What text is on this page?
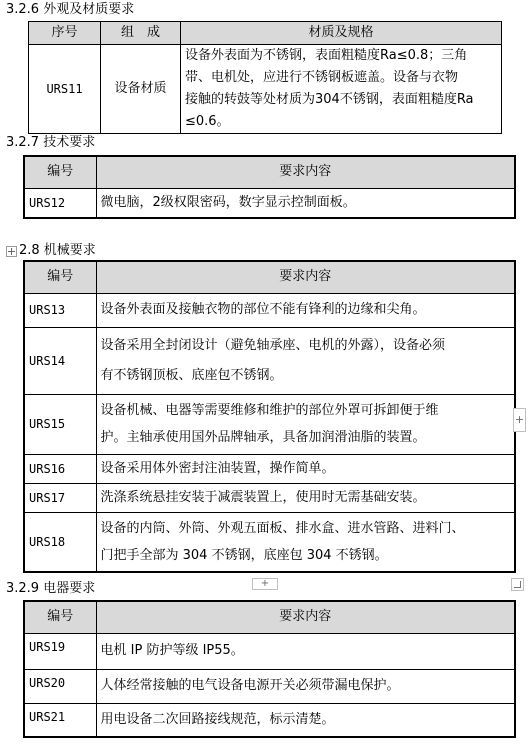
3.2.6 外观及材质要求
序号	组　成	材质及规格
URS11	设备材质	设备外表面为不锈钢，表面粗糙度Ra≤0.8；三角
带、电机处，应进行不锈钢板遮盖。设备与衣物
接触的转鼓等处材质为304不锈钢，表面粗糙度Ra
≤0.6。
3.2.7 技术要求
编号	要求内容
URS12	微电脑，2级权限密码，数字显示控制面板。
2.8 机械要求
编号	要求内容
URS13	设备外表面及接触衣物的部位不能有锋利的边缘和尖角。

URS14	设备采用全封闭设计（避免轴承座、电机的外露），设备必须
有不锈钢顶板、底座包不锈钢。

URS15	设备机械、电器等需要维修和维护的部位外罩可拆卸便于维
护。主轴承使用国外品牌轴承，具备加润滑油脂的装置。

URS16	设备采用体外密封注油装置，操作简单。

URS17	洗涤系统悬挂安装于减震装置上，使用时无需基础安装。

URS18	设备的内筒、外筒、外观五面板、排水盒、进水管路、进料门、
门把手全部为 304 不锈钢，底座包 304 不锈钢。
+
3.2.9 电器要求	+
编号	要求内容
URS19	电机 IP 防护等级 IP55。

URS20	人体经常接触的电气设备电源开关必须带漏电保护。

URS21	用电设备二次回路接线规范，标示清楚。
